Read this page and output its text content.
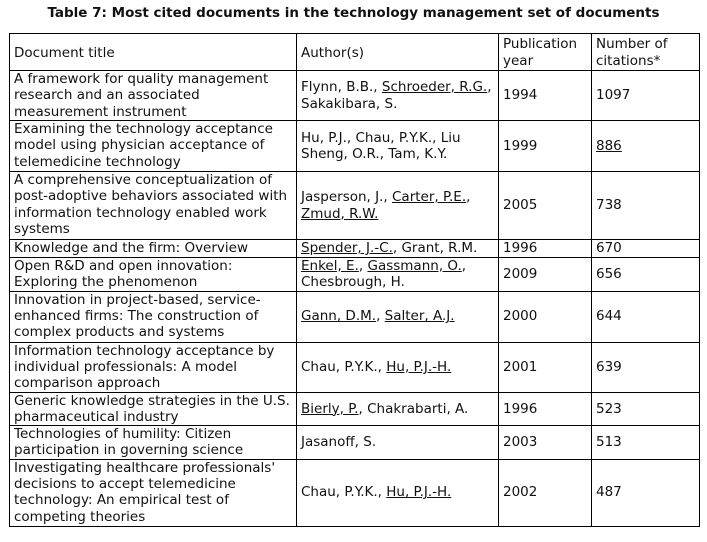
Table 7: Most cited documents in the technology management set of documents
Document title	Author(s)	Publication year	Number of citations*
A framework for quality management research and an associated measurement instrument	Flynn, B.B., Schroeder, R.G., Sakakibara, S.	1994	1097
Examining the technology acceptance model using physician acceptance of telemedicine technology	Hu, P.J., Chau, P.Y.K., Liu Sheng, O.R., Tam, K.Y.	1999	886
A comprehensive conceptualization of post-adoptive behaviors associated with information technology enabled work systems	Jasperson, J., Carter, P.E., Zmud, R.W.	2005	738
Knowledge and the firm: Overview	Spender, J.-C., Grant, R.M.	1996	670
Open R&D and open innovation: Exploring the phenomenon	Enkel, E., Gassmann, O., Chesbrough, H.	2009	656
Innovation in project-based, service-enhanced firms: The construction of complex products and systems	Gann, D.M., Salter, A.J.	2000	644
Information technology acceptance by individual professionals: A model comparison approach	Chau, P.Y.K., Hu, P.J.-H.	2001	639
Generic knowledge strategies in the U.S. pharmaceutical industry	Bierly, P., Chakrabarti, A.	1996	523
Technologies of humility: Citizen participation in governing science	Jasanoff, S.	2003	513
Investigating healthcare professionals' decisions to accept telemedicine technology: An empirical test of competing theories	Chau, P.Y.K., Hu, P.J.-H.	2002	487
